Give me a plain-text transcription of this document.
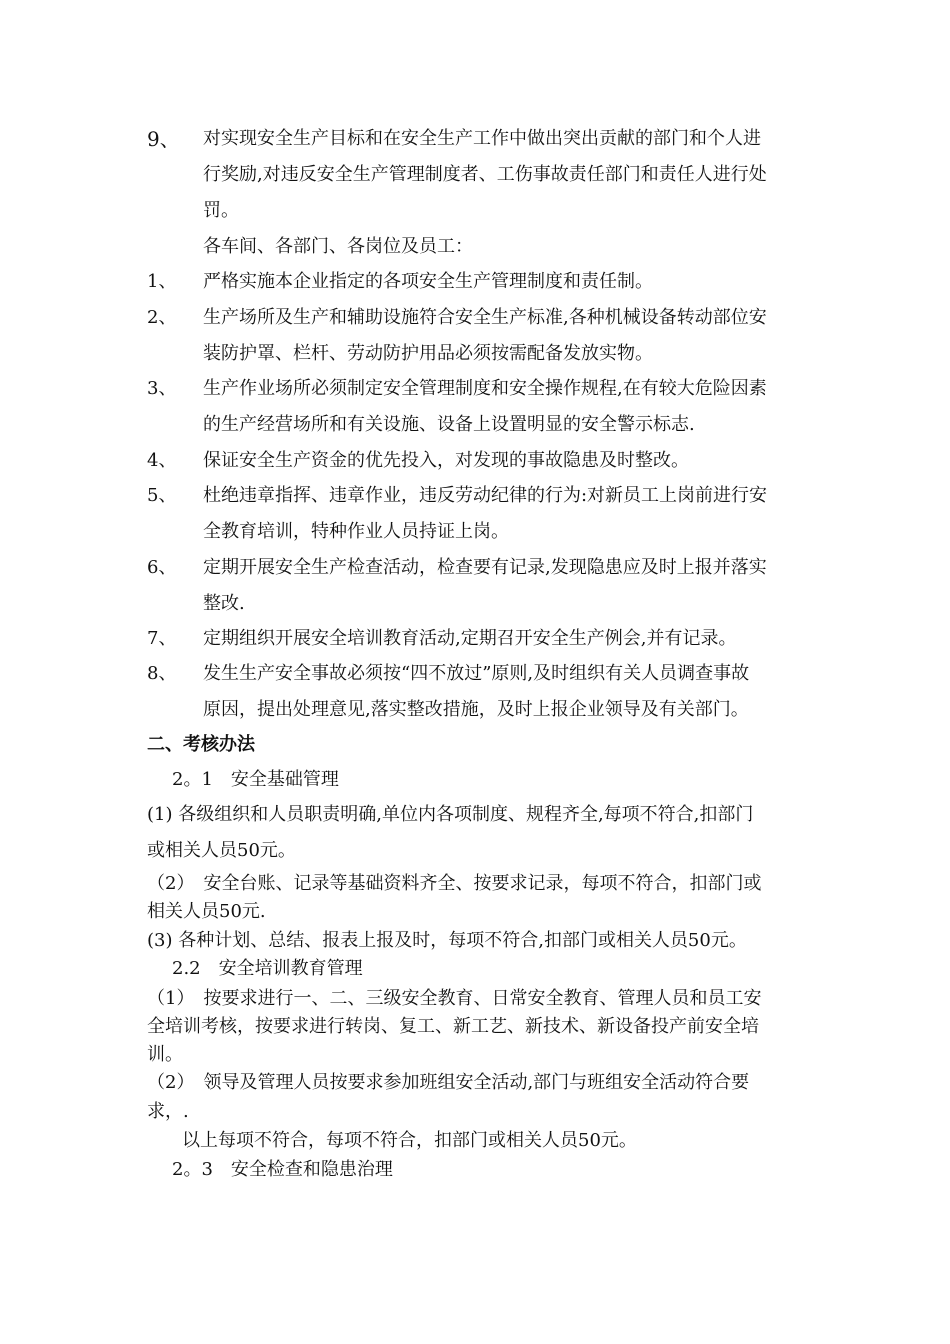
9、 对实现安全生产目标和在安全生产工作中做出突出贡献的部门和个人进
行奖励,对违反安全生产管理制度者、工伤事故责任部门和责任人进行处
罚。
各车间、各部门、各岗位及员工：
1、 严格实施本企业指定的各项安全生产管理制度和责任制。
2、 生产场所及生产和辅助设施符合安全生产标准,各种机械设备转动部位安
装防护罩、栏杆、劳动防护用品必须按需配备发放实物。
3、 生产作业场所必须制定安全管理制度和安全操作规程,在有较大危险因素
的生产经营场所和有关设施、设备上设置明显的安全警示标志.
4、 保证安全生产资金的优先投入，对发现的事故隐患及时整改。
5、 杜绝违章指挥、违章作业，违反劳动纪律的行为:对新员工上岗前进行安
全教育培训，特种作业人员持证上岗。
6、 定期开展安全生产检查活动，检查要有记录,发现隐患应及时上报并落实
整改.
7、 定期组织开展安全培训教育活动,定期召开安全生产例会,并有记录。
8、 发生生产安全事故必须按“四不放过”原则,及时组织有关人员调查事故
原因，提出处理意见,落实整改措施，及时上报企业领导及有关部门。
二、考核办法
2。1　安全基础管理
(1) 各级组织和人员职责明确,单位内各项制度、规程齐全,每项不符合,扣部门
或相关人员50元。
（2）　安全台账、记录等基础资料齐全、按要求记录，每项不符合，扣部门或
相关人员50元.
(3) 各种计划、总结、报表上报及时，每项不符合,扣部门或相关人员50元。
2.2　安全培训教育管理
（1）　按要求进行一、二、三级安全教育、日常安全教育、管理人员和员工安
全培训考核，按要求进行转岗、复工、新工艺、新技术、新设备投产前安全培
训。
（2）　领导及管理人员按要求参加班组安全活动,部门与班组安全活动符合要
求，.
以上每项不符合，每项不符合，扣部门或相关人员50元。
2。3　安全检查和隐患治理
